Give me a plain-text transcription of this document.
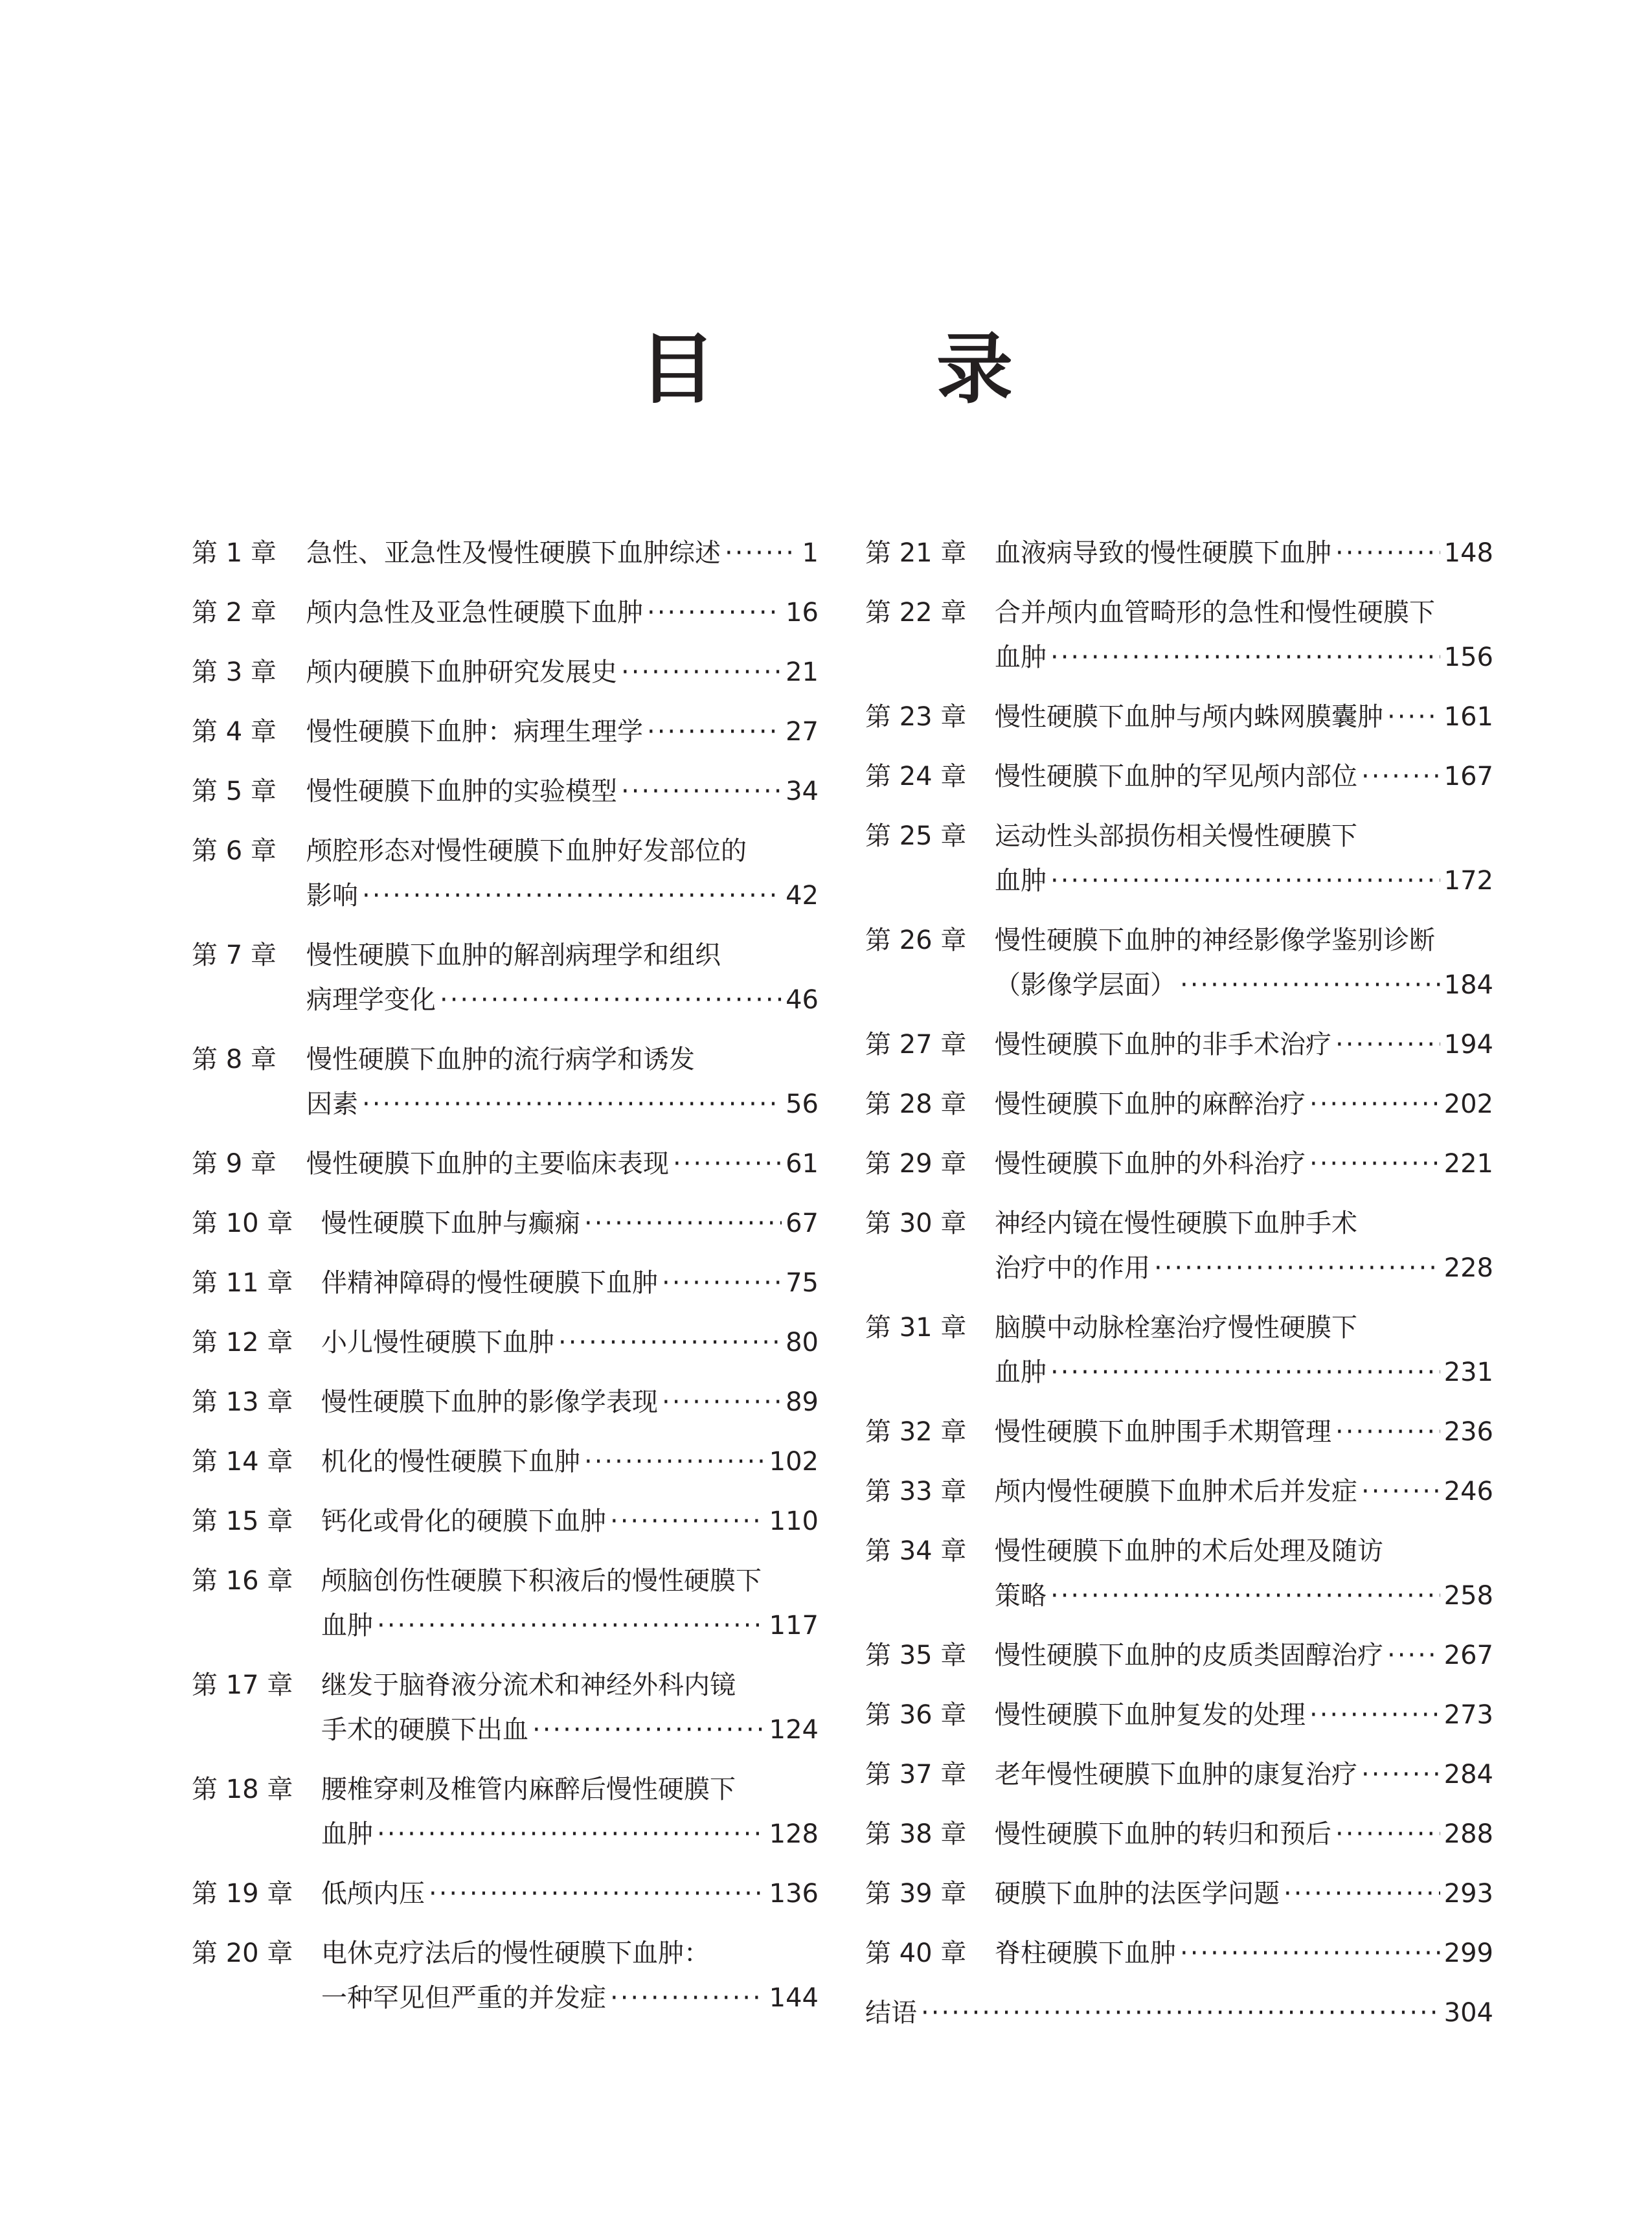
目 录
第 1 章	急性、亚急性及慢性硬膜下血肿综述 ·····	1
第 2 章	颅内急性及亚急性硬膜下血肿 ·····	16
第 3 章	颅内硬膜下血肿研究发展史 ·····	21
第 4 章	慢性硬膜下血肿：病理生理学 ·····	27
第 5 章	慢性硬膜下血肿的实验模型 ·····	34
第 6 章	颅腔形态对慢性硬膜下血肿好发部位的
影响 ·····	42
第 7 章	慢性硬膜下血肿的解剖病理学和组织
病理学变化 ·····	46
第 8 章	慢性硬膜下血肿的流行病学和诱发
因素 ·····	56
第 9 章	慢性硬膜下血肿的主要临床表现 ·····	61
第 10 章	慢性硬膜下血肿与癫痫 ·····	67
第 11 章	伴精神障碍的慢性硬膜下血肿 ·····	75
第 12 章	小儿慢性硬膜下血肿 ·····	80
第 13 章	慢性硬膜下血肿的影像学表现 ·····	89
第 14 章	机化的慢性硬膜下血肿 ·····	102
第 15 章	钙化或骨化的硬膜下血肿 ·····	110
第 16 章	颅脑创伤性硬膜下积液后的慢性硬膜下
血肿 ·····	117
第 17 章	继发于脑脊液分流术和神经外科内镜
手术的硬膜下出血 ·····	124
第 18 章	腰椎穿刺及椎管内麻醉后慢性硬膜下
血肿 ·····	128
第 19 章	低颅内压 ·····	136
第 20 章	电休克疗法后的慢性硬膜下血肿：
一种罕见但严重的并发症 ·····	144
第 21 章	血液病导致的慢性硬膜下血肿 ·····	148
第 22 章	合并颅内血管畸形的急性和慢性硬膜下
血肿 ·····	156
第 23 章	慢性硬膜下血肿与颅内蛛网膜囊肿 ····· 161
第 24 章	慢性硬膜下血肿的罕见颅内部位 ·····	167
第 25 章	运动性头部损伤相关慢性硬膜下
血肿 ·····	172
第 26 章	慢性硬膜下血肿的神经影像学鉴别诊断
（影像学层面） ·····	184
第 27 章	慢性硬膜下血肿的非手术治疗 ·····	194
第 28 章	慢性硬膜下血肿的麻醉治疗 ·····	202
第 29 章	慢性硬膜下血肿的外科治疗 ·····	221
第 30 章	神经内镜在慢性硬膜下血肿手术
治疗中的作用 ·····	228
第 31 章	脑膜中动脉栓塞治疗慢性硬膜下
血肿 ·····	231
第 32 章	慢性硬膜下血肿围手术期管理 ·····	236
第 33 章	颅内慢性硬膜下血肿术后并发症 ·····	246
第 34 章	慢性硬膜下血肿的术后处理及随访
策略 ·····	258
第 35 章	慢性硬膜下血肿的皮质类固醇治疗 ····· 267
第 36 章	慢性硬膜下血肿复发的处理 ·····	273
第 37 章	老年慢性硬膜下血肿的康复治疗 ·····	284
第 38 章	慢性硬膜下血肿的转归和预后 ·····	288
第 39 章	硬膜下血肿的法医学问题 ·····	293
第 40 章	脊柱硬膜下血肿 ·····	299
结语 ·····	304
